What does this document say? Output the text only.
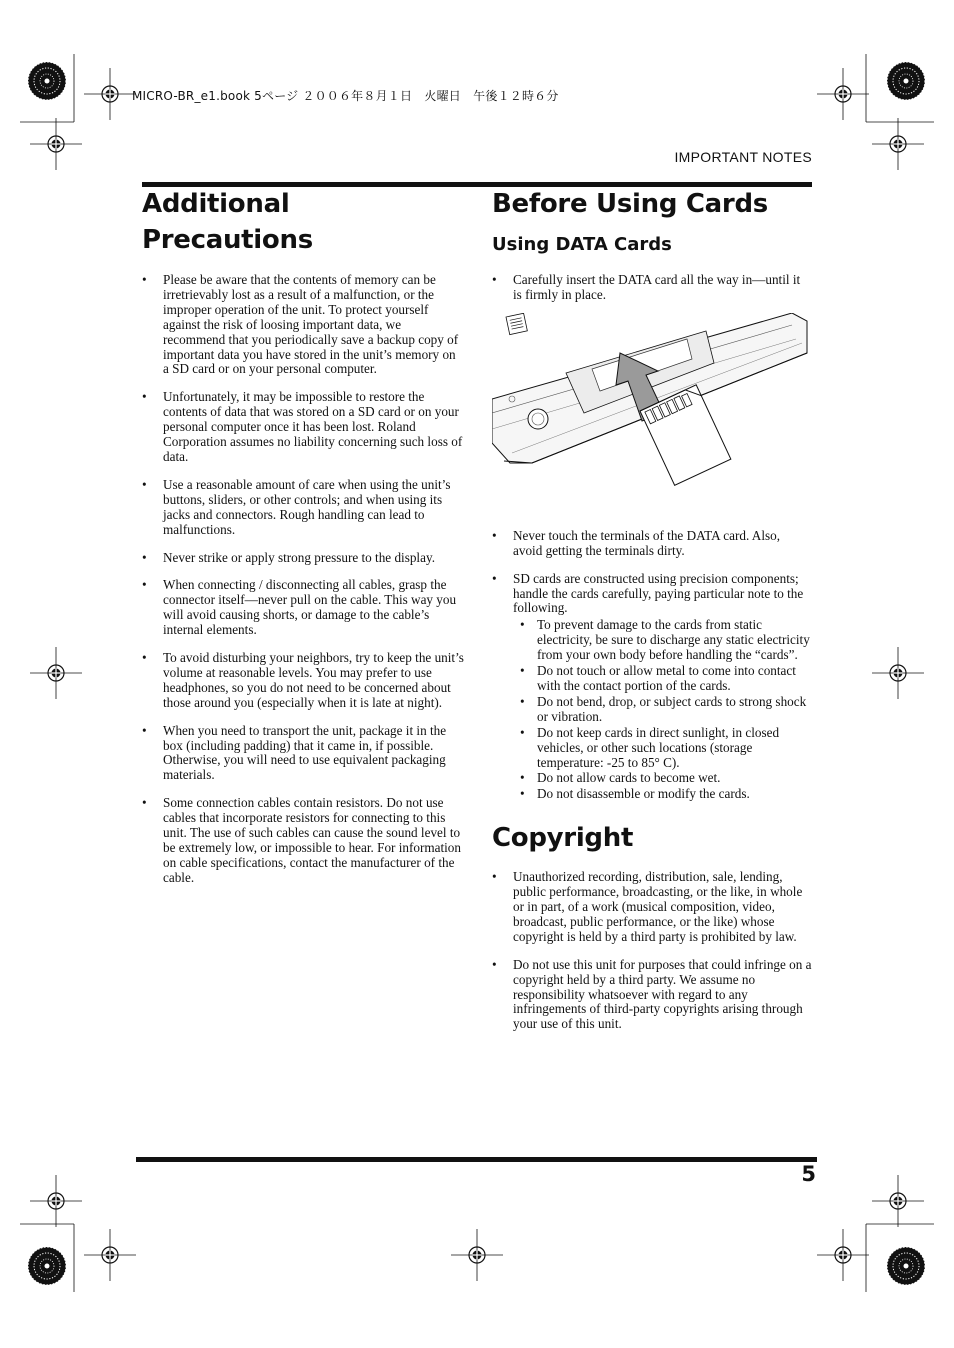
MICRO-BR_e1.book 5ページ ２００６年８月１日　火曜日　午後１２時６分
IMPORTANT NOTES
Additional Precautions
• Please be aware that the contents of memory can be irretrievably lost as a result of a malfunction, or the improper operation of the unit. To protect yourself against the risk of loosing important data, we recommend that you periodically save a backup copy of important data you have stored in the unit’s memory on a SD card or on your personal computer.
• Unfortunately, it may be impossible to restore the contents of data that was stored on a SD card or on your personal computer once it has been lost. Roland Corporation assumes no liability concerning such loss of data.
• Use a reasonable amount of care when using the unit’s buttons, sliders, or other controls; and when using its jacks and connectors. Rough handling can lead to malfunctions.
• Never strike or apply strong pressure to the display.
• When connecting / disconnecting all cables, grasp the connector itself—never pull on the cable. This way you will avoid causing shorts, or damage to the cable’s internal elements.
• To avoid disturbing your neighbors, try to keep the unit’s volume at reasonable levels. You may prefer to use headphones, so you do not need to be concerned about those around you (especially when it is late at night).
• When you need to transport the unit, package it in the box (including padding) that it came in, if possible. Otherwise, you will need to use equivalent packaging materials.
• Some connection cables contain resistors. Do not use cables that incorporate resistors for connecting to this unit. The use of such cables can cause the sound level to be extremely low, or impossible to hear. For information on cable specifications, contact the manufacturer of the cable.
Before Using Cards
Using DATA Cards
• Carefully insert the DATA card all the way in—until it is firmly in place.
• Never touch the terminals of the DATA card. Also, avoid getting the terminals dirty.
• SD cards are constructed using precision components; handle the cards carefully, paying particular note to the following.
• To prevent damage to the cards from static electricity, be sure to discharge any static electricity from your own body before handling the “cards”.
• Do not touch or allow metal to come into contact with the contact portion of the cards.
• Do not bend, drop, or subject cards to strong shock or vibration.
• Do not keep cards in direct sunlight, in closed vehicles, or other such locations (storage temperature: -25 to 85° C).
• Do not allow cards to become wet.
• Do not disassemble or modify the cards.
Copyright
• Unauthorized recording, distribution, sale, lending, public performance, broadcasting, or the like, in whole or in part, of a work (musical composition, video, broadcast, public performance, or the like) whose copyright is held by a third party is prohibited by law.
• Do not use this unit for purposes that could infringe on a copyright held by a third party. We assume no responsibility whatsoever with regard to any infringements of third-party copyrights arising through your use of this unit.
5
